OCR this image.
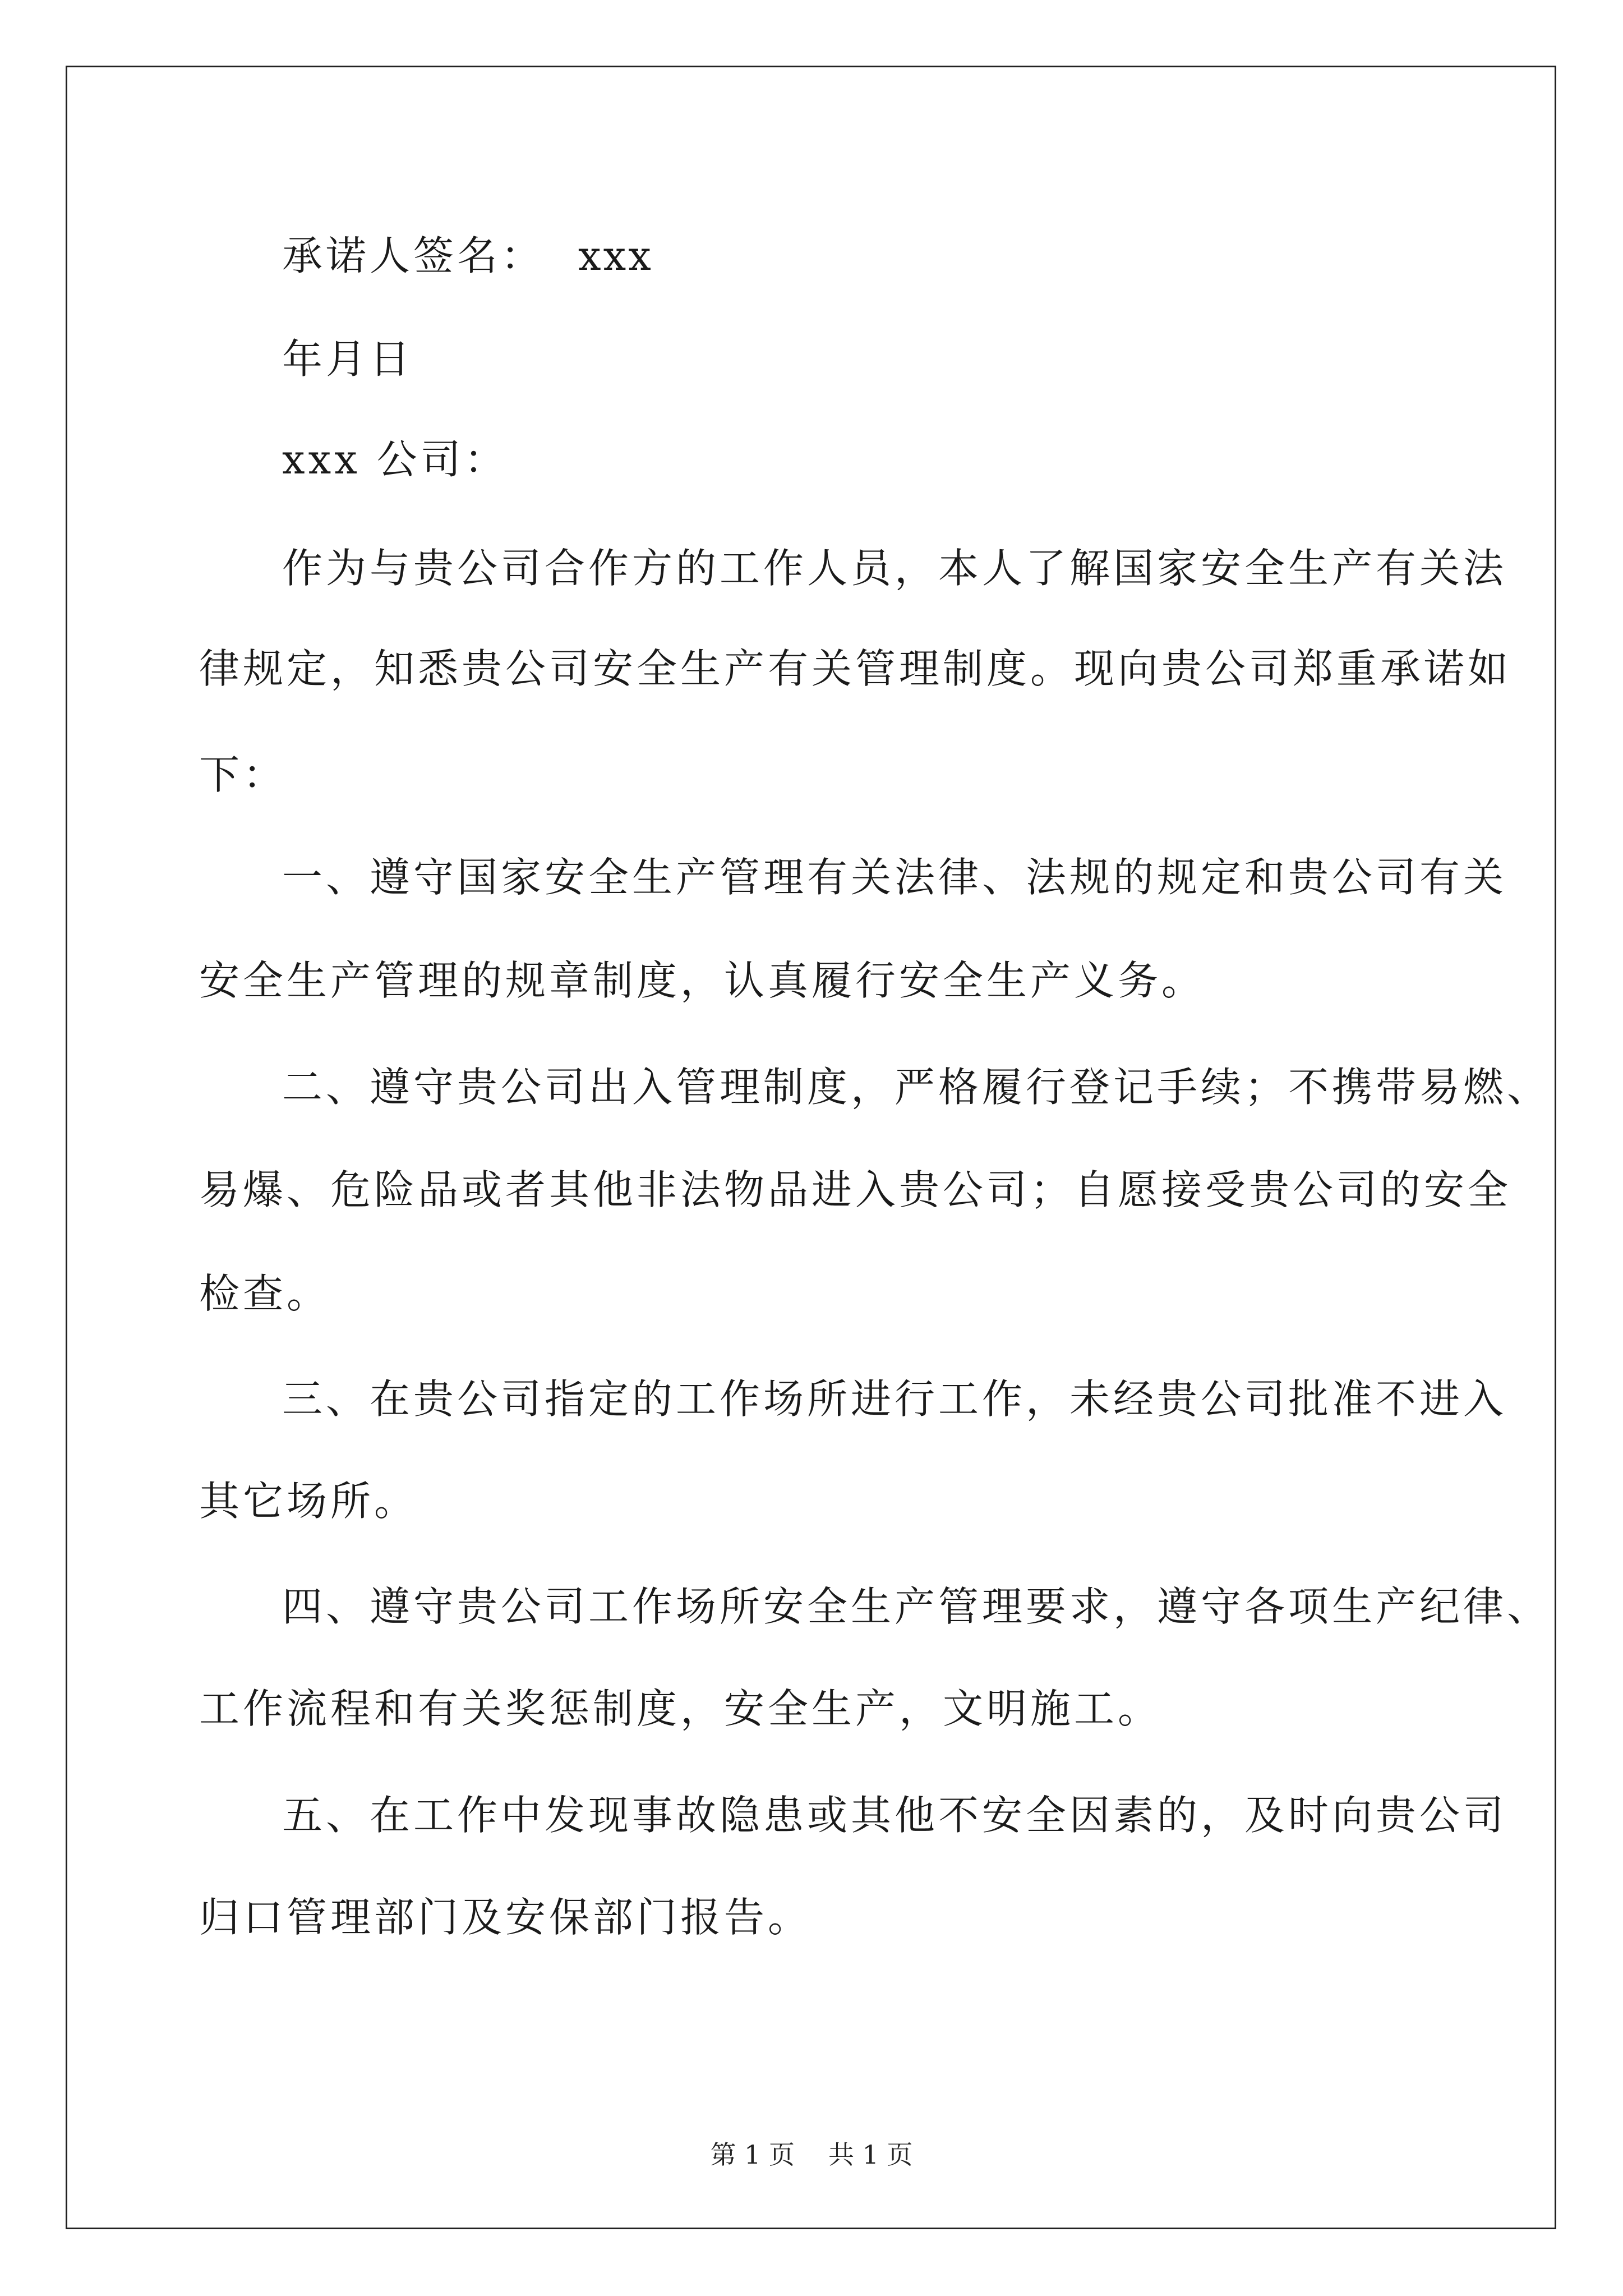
承诺人签名： xxx
年月日
xxx 公司：
作为与贵公司合作方的工作人员，本人了解国家安全生产有关法
律规定，知悉贵公司安全生产有关管理制度。现向贵公司郑重承诺如
下：
一、遵守国家安全生产管理有关法律、法规的规定和贵公司有关
安全生产管理的规章制度，认真履行安全生产义务。
二、遵守贵公司出入管理制度，严格履行登记手续；不携带易燃、
易爆、危险品或者其他非法物品进入贵公司；自愿接受贵公司的安全
检查。
三、在贵公司指定的工作场所进行工作，未经贵公司批准不进入
其它场所。
四、遵守贵公司工作场所安全生产管理要求，遵守各项生产纪律、
工作流程和有关奖惩制度，安全生产，文明施工。
五、在工作中发现事故隐患或其他不安全因素的，及时向贵公司
归口管理部门及安保部门报告。
第 1 页 共 1 页
